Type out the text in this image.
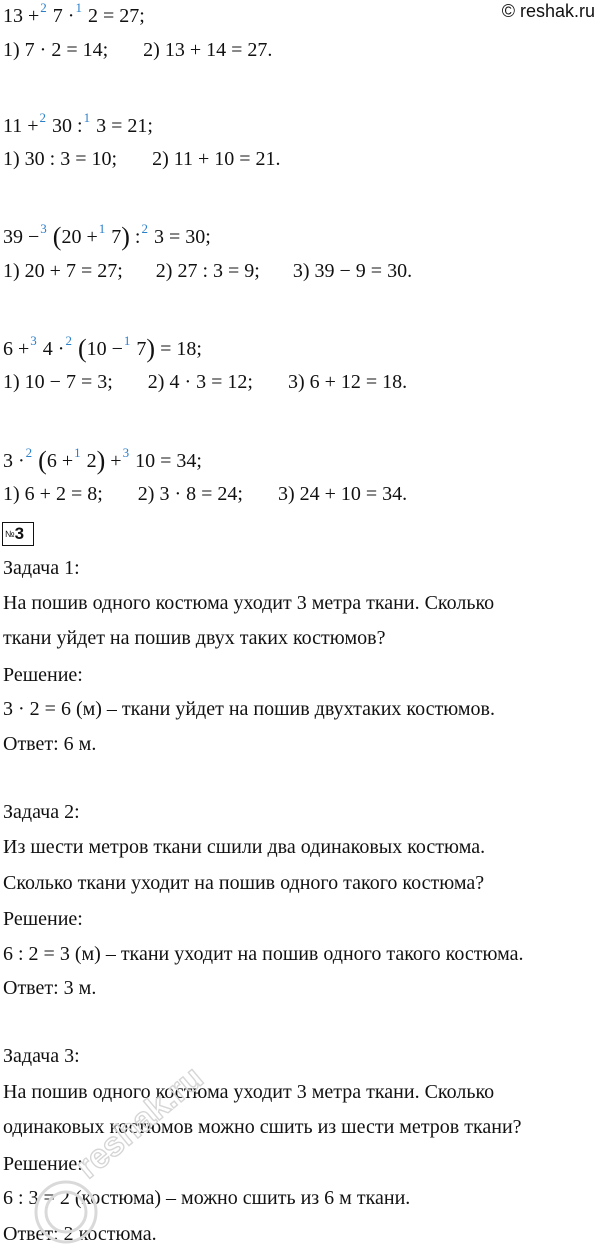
© reshak.ru
13 +$^2$ 7 ·$^1$ 2 = 27;
1) 7 · 2 = 14; 2) 13 + 14 = 27.
11 +$^2$ 30 :$^1$ 3 = 21;
1) 30 : 3 = 10; 2) 11 + 10 = 21.
39 −$^3$ (20 +$^1$ 7) :$^2$ 3 = 30;
1) 20 + 7 = 27; 2) 27 : 3 = 9; 3) 39 − 9 = 30.
6 +$^3$ 4 ·$^2$ (10 −$^1$ 7) = 18;
1) 10 − 7 = 3; 2) 4 · 3 = 12; 3) 6 + 12 = 18.
3 ·$^2$ (6 +$^1$ 2) +$^3$ 10 = 34;
1) 6 + 2 = 8; 2) 3 · 8 = 24; 3) 24 + 10 = 34.
№3
Задача 1:
На пошив одного костюма уходит 3 метра ткани. Сколько
ткани уйдет на пошив двух таких костюмов?
Решение:
3 · 2 = 6 (м) – ткани уйдет на пошив двухтаких костюмов.
Ответ: 6 м.
Задача 2:
Из шести метров ткани сшили два одинаковых костюма.
Сколько ткани уходит на пошив одного такого костюма?
Решение:
6 : 2 = 3 (м) – ткани уходит на пошив одного такого костюма.
Ответ: 3 м.
Задача 3:
На пошив одного костюма уходит 3 метра ткани. Сколько
одинаковых костюмов можно сшить из шести метров ткани?
Решение:
6 : 3 = 2 (костюма) – можно сшить из 6 м ткани.
Ответ: 2 костюма.
reshak.ru
